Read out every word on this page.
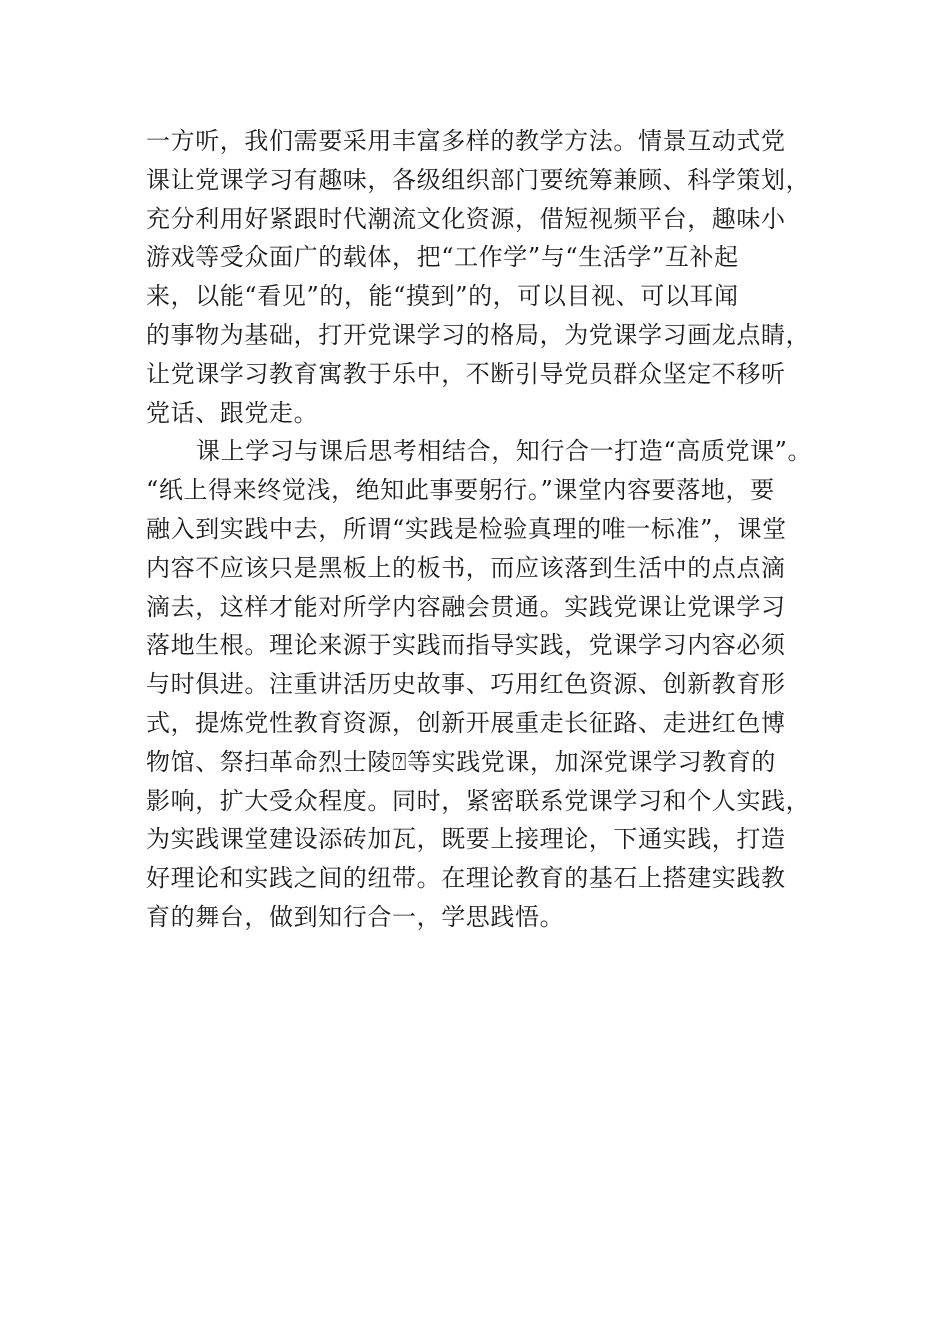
一方听，我们需要采用丰富多样的教学方法。情景互动式党
课让党课学习有趣味，各级组织部门要统筹兼顾、科学策划，
充分利用好紧跟时代潮流文化资源，借短视频平台，趣味小
游戏等受众面广的载体，把“工作学”与“生活学”互补起
来，以能“看见”的，能“摸到”的，可以目视、可以耳闻
的事物为基础，打开党课学习的格局，为党课学习画龙点睛，
让党课学习教育寓教于乐中，不断引导党员群众坚定不移听
党话、跟党走。
课上学习与课后思考相结合，知行合一打造“高质党课”。
“纸上得来终觉浅，绝知此事要躬行。”课堂内容要落地，要
融入到实践中去，所谓“实践是检验真理的唯一标准”，课堂
内容不应该只是黑板上的板书，而应该落到生活中的点点滴
滴去，这样才能对所学内容融会贯通。实践党课让党课学习
落地生根。理论来源于实践而指导实践，党课学习内容必须
与时俱进。注重讲活历史故事、巧用红色资源、创新教育形
式，提炼党性教育资源，创新开展重走长征路、走进红色博
物馆、祭扫革命烈士陵⍰等实践党课，加深党课学习教育的
影响，扩大受众程度。同时，紧密联系党课学习和个人实践，
为实践课堂建设添砖加瓦，既要上接理论，下通实践，打造
好理论和实践之间的纽带。在理论教育的基石上搭建实践教
育的舞台，做到知行合一，学思践悟。
